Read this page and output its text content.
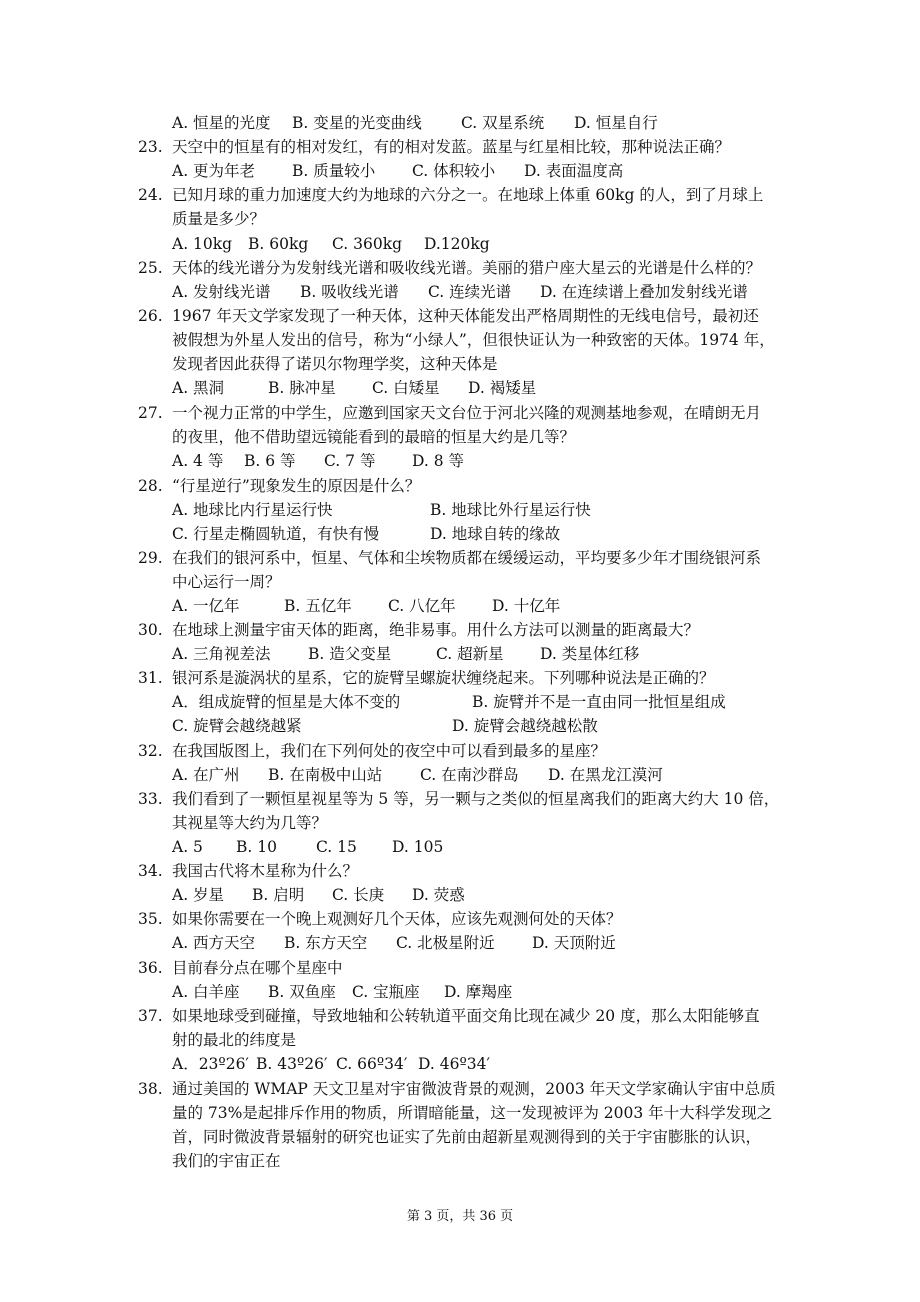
A. 恒星的光度 B. 变星的光变曲线	C. 双星系统 D. 恒星自行
23. 天空中的恒星有的相对发红，有的相对发蓝。蓝星与红星相比较，那种说法正确？
A. 更为年老 B. 质量较小 C. 体积较小 D. 表面温度高
24. 已知月球的重力加速度大约为地球的六分之一。在地球上体重 60kg 的人，到了月球上
质量是多少？
A. 10kg B. 60kg C. 360kg D.120kg
25. 天体的线光谱分为发射线光谱和吸收线光谱。美丽的猎户座大星云的光谱是什么样的？
A. 发射线光谱 B. 吸收线光谱 C. 连续光谱 D. 在连续谱上叠加发射线光谱
26. 1967 年天文学家发现了一种天体，这种天体能发出严格周期性的无线电信号，最初还
被假想为外星人发出的信号，称为“小绿人”，但很快证认为一种致密的天体。1974 年，
发现者因此获得了诺贝尔物理学奖，这种天体是
A. 黑洞	B. 脉冲星 C. 白矮星 D. 褐矮星
27. 一个视力正常的中学生，应邀到国家天文台位于河北兴隆的观测基地参观，在晴朗无月
的夜里，他不借助望远镜能看到的最暗的恒星大约是几等？
A. 4 等 B. 6 等 C. 7 等 D. 8 等
28. “行星逆行”现象发生的原因是什么？
A. 地球比内行星运行快	B. 地球比外行星运行快
C. 行星走椭圆轨道，有快有慢	D. 地球自转的缘故
29. 在我们的银河系中，恒星、气体和尘埃物质都在缓缓运动，平均要多少年才围绕银河系
中心运行一周？
A. 一亿年	B. 五亿年 C. 八亿年 D. 十亿年
30. 在地球上测量宇宙天体的距离，绝非易事。用什么方法可以测量的距离最大？
A. 三角视差法 B. 造父变星	C. 超新星 D. 类星体红移
31. 银河系是漩涡状的星系，它的旋臂呈螺旋状缠绕起来。下列哪种说法是正确的？
A．组成旋臂的恒星是大体不变的	B. 旋臂并不是一直由同一批恒星组成
C. 旋臂会越绕越紧	D. 旋臂会越绕越松散
32. 在我国版图上，我们在下列何处的夜空中可以看到最多的星座？
A. 在广州 B. 在南极中山站 C. 在南沙群岛 D. 在黑龙江漠河
33. 我们看到了一颗恒星视星等为 5 等，另一颗与之类似的恒星离我们的距离大约大 10 倍，
其视星等大约为几等？
A. 5 B. 10	C. 15 D. 105
34. 我国古代将木星称为什么？
A. 岁星 B. 启明 C. 长庚 D. 荧惑
35. 如果你需要在一个晚上观测好几个天体，应该先观测何处的天体？
A. 西方天空 B. 东方天空 C. 北极星附近 D. 天顶附近
36. 目前春分点在哪个星座中
A. 白羊座 B. 双鱼座 C. 宝瓶座 D. 摩羯座
37. 如果地球受到碰撞，导致地轴和公转轨道平面交角比现在减少 20 度，那么太阳能够直
射的最北的纬度是
A．23º26′ B. 43º26′ C. 66º34′ D. 46º34′
38. 通过美国的 WMAP 天文卫星对宇宙微波背景的观测，2003 年天文学家确认宇宙中总质
量的 73%是起排斥作用的物质，所谓暗能量，这一发现被评为 2003 年十大科学发现之
首，同时微波背景辐射的研究也证实了先前由超新星观测得到的关于宇宙膨胀的认识，
我们的宇宙正在
第 3 页，共 36 页
